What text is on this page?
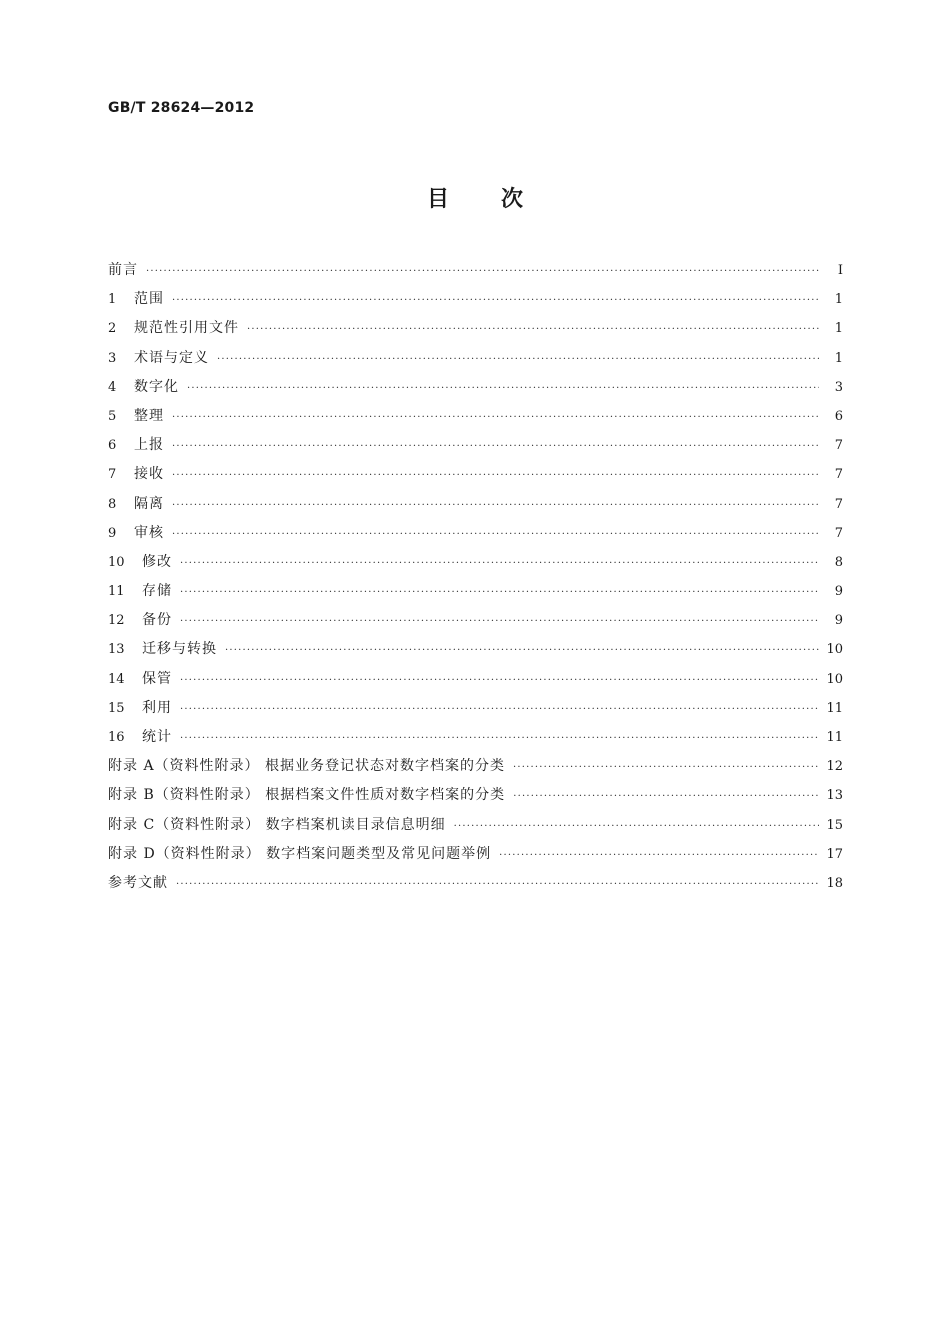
GB/T 28624—2012
目次
前言 ·····	Ⅰ
1	范围 ·····	1
2	规范性引用文件 ·····	1
3	术语与定义 ·····	1
4	数字化 ·····	3
5	整理 ·····	6
6	上报 ·····	7
7	接收 ·····	7
8	隔离 ·····	7
9	审核 ·····	7
10	修改 ·····	8
11	存储 ·····	9
12	备份 ·····	9
13	迁移与转换 ·····	10
14	保管 ·····	10
15	利用 ·····	11
16	统计 ·····	11
附录 A（资料性附录） 根据业务登记状态对数字档案的分类 ·····	12
附录 B（资料性附录） 根据档案文件性质对数字档案的分类 ·····	13
附录 C（资料性附录） 数字档案机读目录信息明细 ·····	15
附录 D（资料性附录） 数字档案问题类型及常见问题举例 ·····	17
参考文献 ·····	18
